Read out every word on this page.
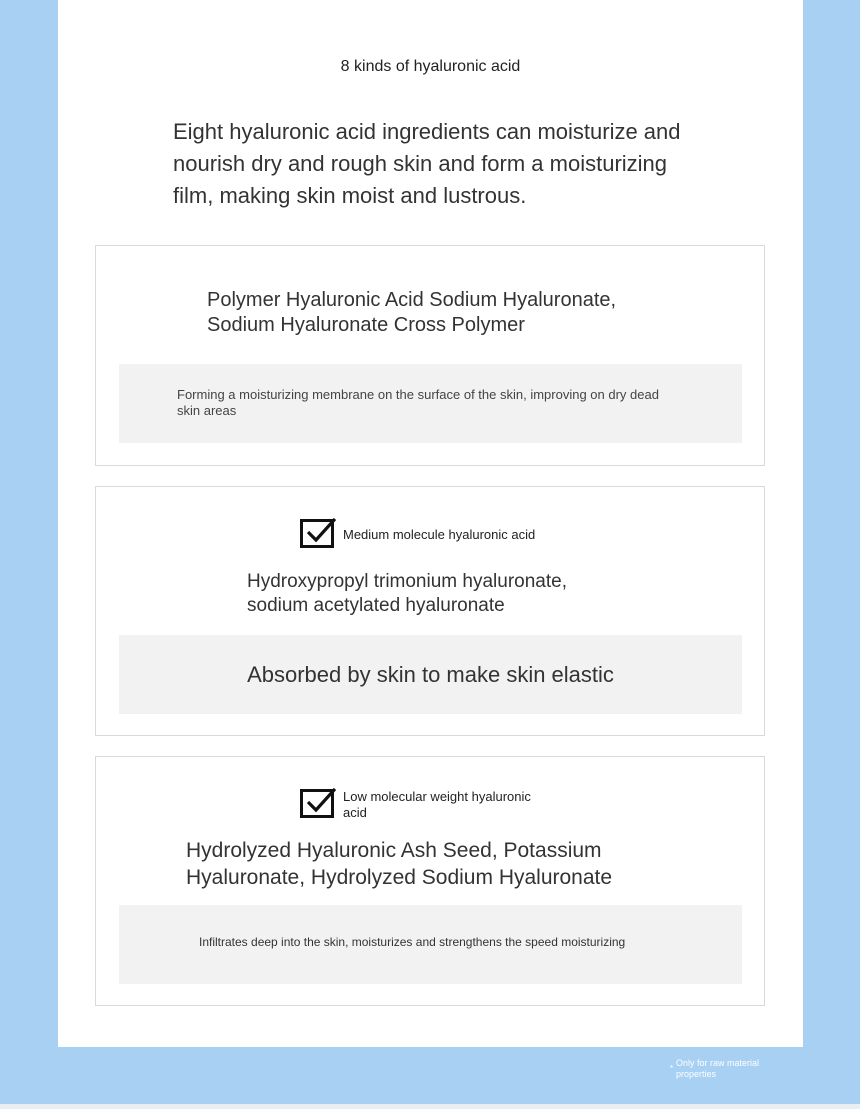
8 kinds of hyaluronic acid
Eight hyaluronic acid ingredients can moisturize and nourish dry and rough skin and form a moisturizing film, making skin moist and lustrous.
Polymer Hyaluronic Acid Sodium Hyaluronate, Sodium Hyaluronate Cross Polymer
Forming a moisturizing membrane on the surface of the skin, improving on dry dead skin areas
Medium molecule hyaluronic acid
Hydroxypropyl trimonium hyaluronate, sodium acetylated hyaluronate
Absorbed by skin to make skin elastic
Low molecular weight hyaluronic acid
Hydrolyzed Hyaluronic Ash Seed, Potassium Hyaluronate, Hydrolyzed Sodium Hyaluronate
Infiltrates deep into the skin, moisturizes and strengthens the speed moisturizing
*
Only for raw material properties
